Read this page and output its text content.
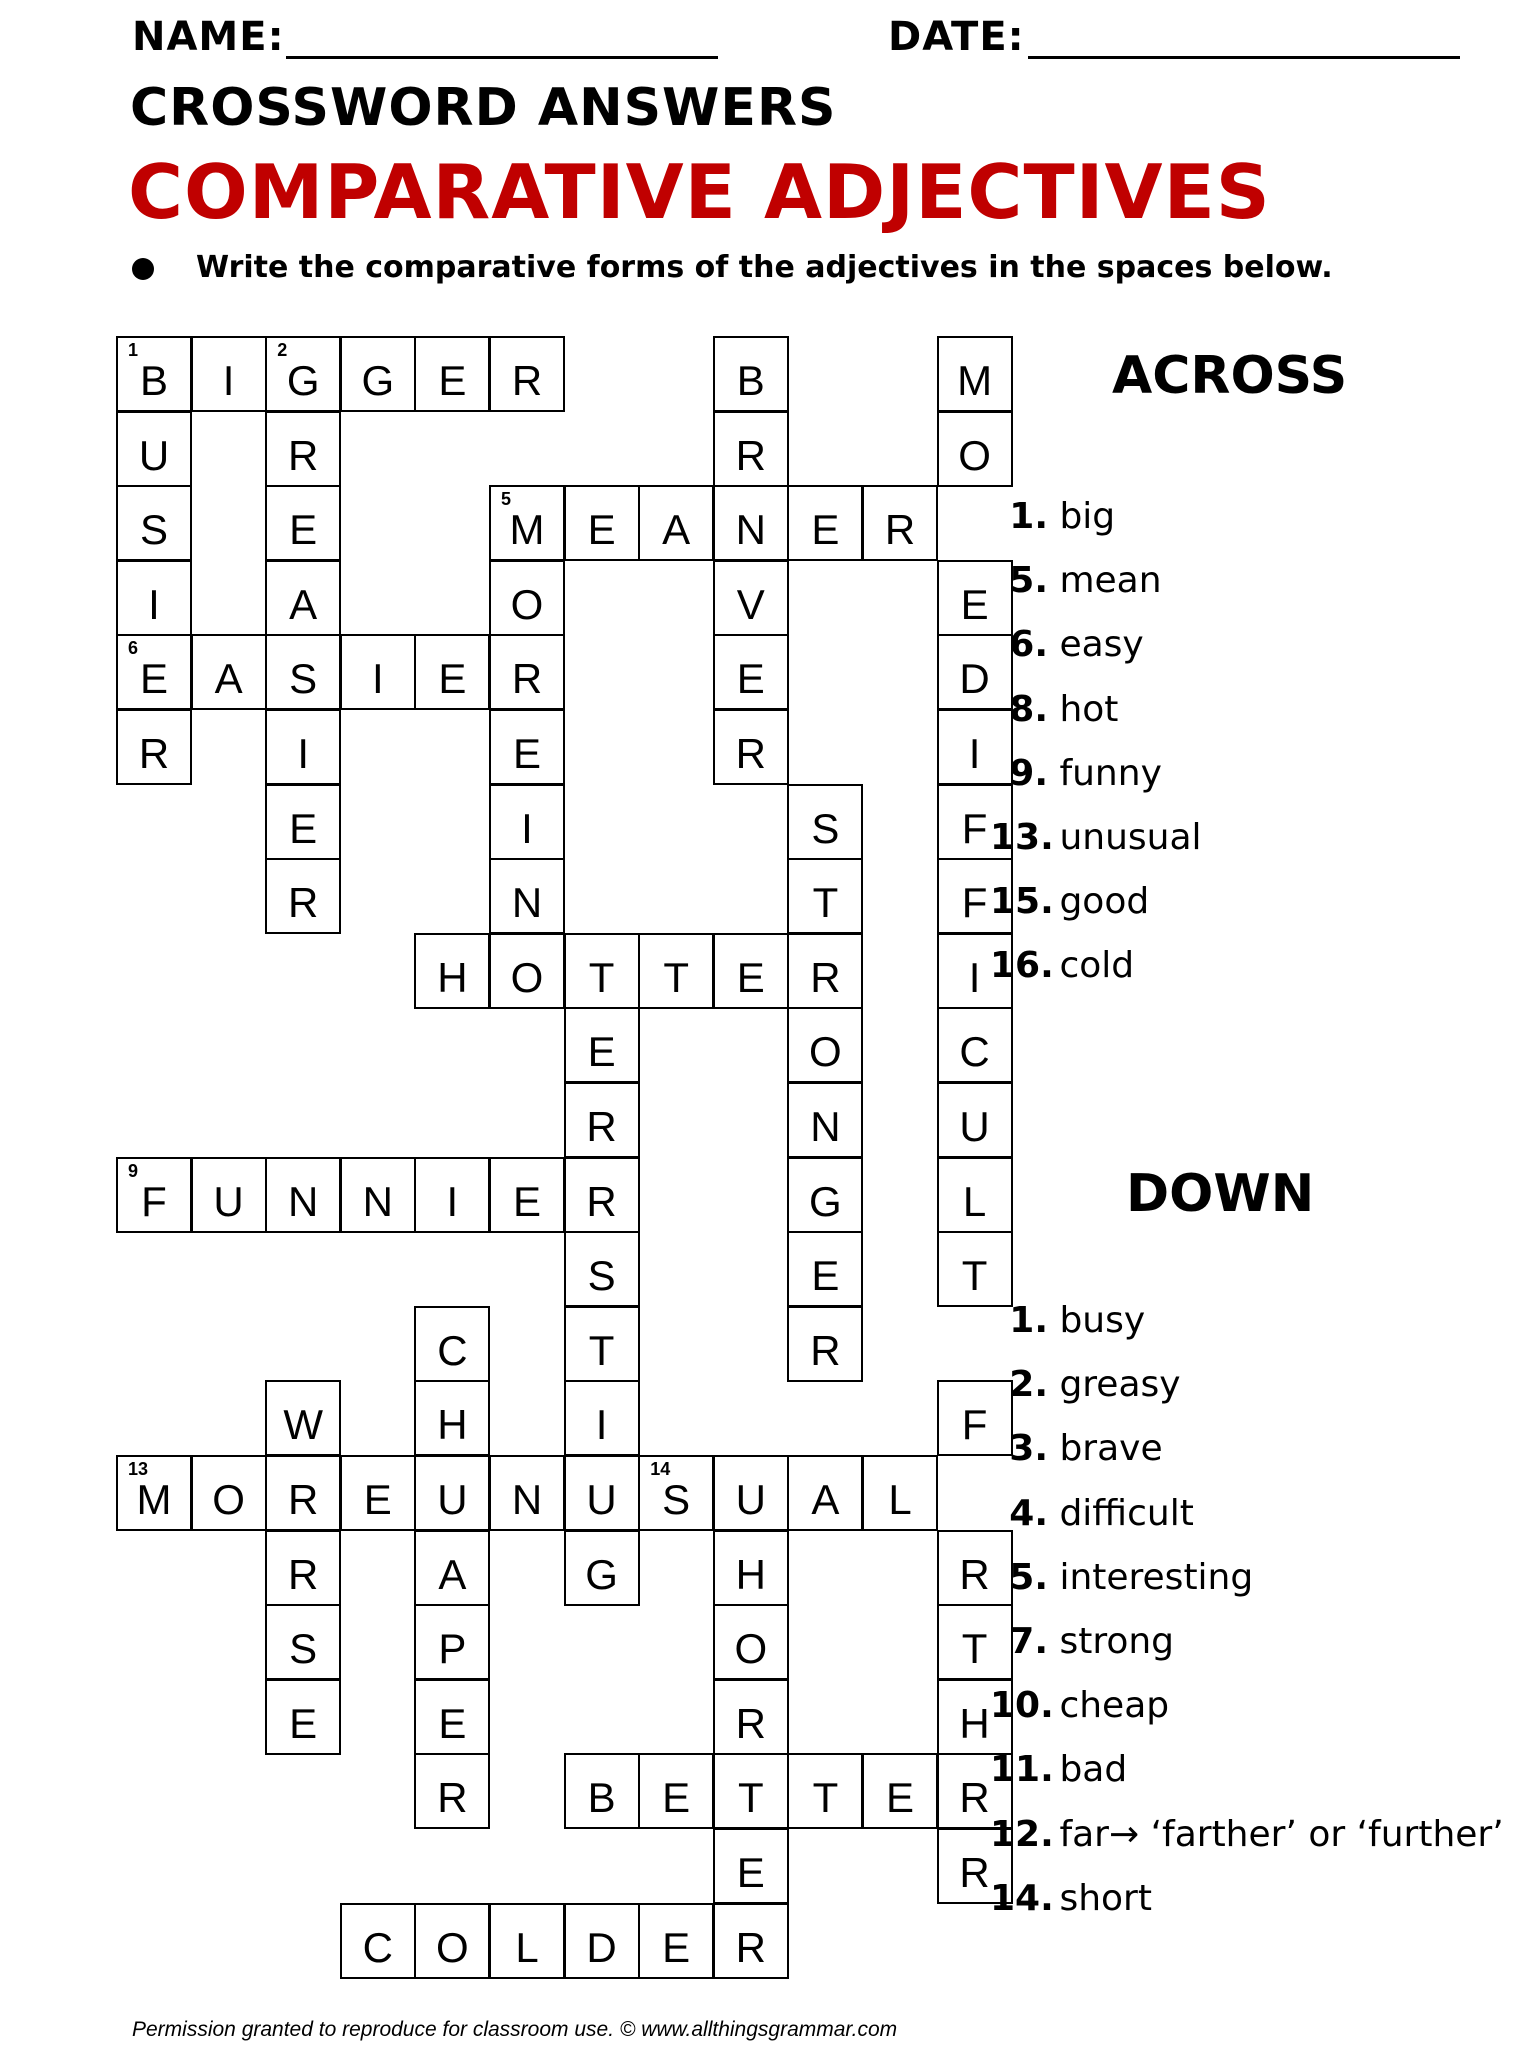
NAME:	DATE:
CROSSWORD ANSWERS
COMPARATIVE ADJECTIVES
Write the comparative forms of the adjectives in the spaces below.
1
B	I
2
G G	E	R	B	M
U	R	R	O
S	E
5
M	E	A	N	E	R
I	A	O	V	E
6
E	A	S	I	E	R	E	D
R	I	E	R	I
E	I	S	F
R	N	T	F
H	O	T	T	E	R	I
E	O	C
R	N	U
9
F	U	N	N	I	E	R	G	L
S	E	T
C	T	R
W	H	I	F
13
M O	R	E	U	N	U
14
S	U	A	L
R	A	G	H	R
S	P	O	T
E	E	R	H
R	B	E	T	T	E	R
E	R
C	O	L	D	E	R
ACROSS
1. big
5. mean
6. easy
8. hot
9. funny
13. unusual
15. good
16. cold
DOWN
1. busy
2. greasy
3. brave
4. difficult
5. interesting
7. strong
10. cheap
11. bad
12. far→ ‘farther’ or ‘further’
14. short
Permission granted to reproduce for classroom use. © www.allthingsgrammar.com
